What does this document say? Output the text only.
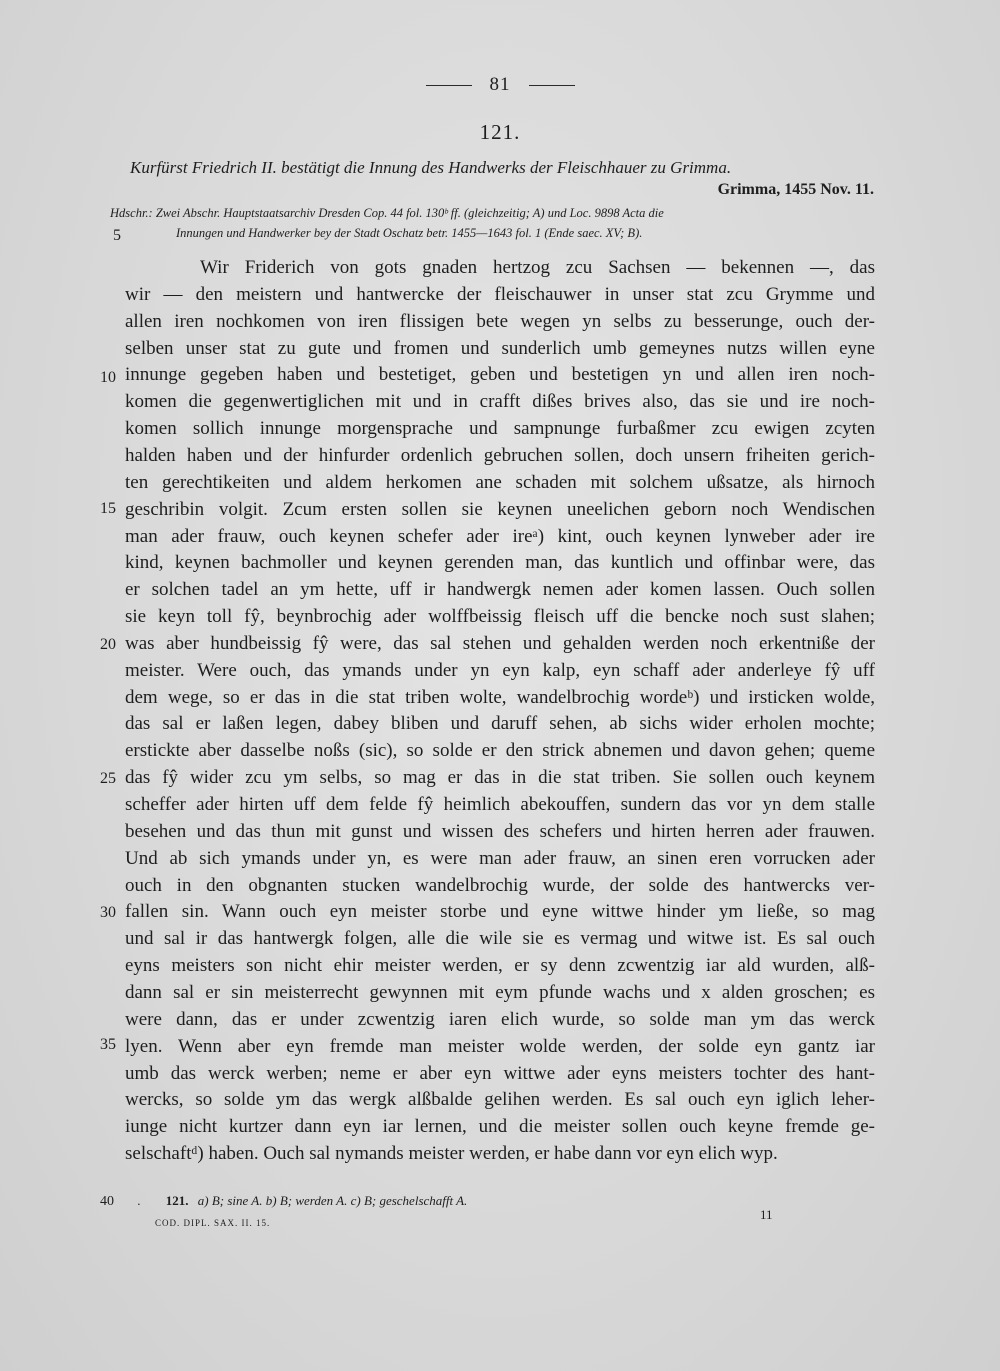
81
121.
Kurfürst Friedrich II. bestätigt die Innung des Handwerks der Fleischhauer zu Grimma.
Grimma, 1455 Nov. 11.
Hdschr.: Zwei Abschr. Hauptstaatsarchiv Dresden Cop. 44 fol. 130ᵇ ff. (gleichzeitig; A) und Loc. 9898 Acta die
Innungen und Handwerker bey der Stadt Oschatz betr. 1455—1643 fol. 1 (Ende saec. XV; B).
5
Wir Friderich von gots gnaden hertzog zcu Sachsen — bekennen —, das
wir — den meistern und hantwercke der fleischauwer in unser stat zcu Grymme und
allen iren nochkomen von iren flissigen bete wegen yn selbs zu besserunge, ouch der-
selben unser stat zu gute und fromen und sunderlich umb gemeynes nutzs willen eyne
innunge gegeben haben und bestetiget, geben und bestetigen yn und allen iren noch-
komen die gegenwertiglichen mit und in crafft dißes brives also, das sie und ire noch-
komen sollich innunge morgensprache und sampnunge furbaßmer zcu ewigen zcyten
halden haben und der hinfurder ordenlich gebruchen sollen, doch unsern friheiten gerich-
ten gerechtikeiten und aldem herkomen ane schaden mit solchem ußsatze, als hirnoch
geschribin volgit. Zcum ersten sollen sie keynen uneelichen geborn noch Wendischen
man ader frauw, ouch keynen schefer ader ireᵃ) kint, ouch keynen lynweber ader ire
kind, keynen bachmoller und keynen gerenden man, das kuntlich und offinbar were, das
er solchen tadel an ym hette, uff ir handwergk nemen ader komen lassen. Ouch sollen
sie keyn toll fŷ, beynbrochig ader wolffbeissig fleisch uff die bencke noch sust slahen;
was aber hundbeissig fŷ were, das sal stehen und gehalden werden noch erkentniße der
meister. Were ouch, das ymands under yn eyn kalp, eyn schaff ader anderleye fŷ uff
dem wege, so er das in die stat triben wolte, wandelbrochig wordeᵇ) und irsticken wolde,
das sal er laßen legen, dabey bliben und daruff sehen, ab sichs wider erholen mochte;
erstickte aber dasselbe noßs (sic), so solde er den strick abnemen und davon gehen; queme
das fŷ wider zcu ym selbs, so mag er das in die stat triben. Sie sollen ouch keynem
scheffer ader hirten uff dem felde fŷ heimlich abekouffen, sundern das vor yn dem stalle
besehen und das thun mit gunst und wissen des schefers und hirten herren ader frauwen.
Und ab sich ymands under yn, es were man ader frauw, an sinen eren vorrucken ader
ouch in den obgnanten stucken wandelbrochig wurde, der solde des hantwercks ver-
fallen sin. Wann ouch eyn meister storbe und eyne wittwe hinder ym ließe, so mag
und sal ir das hantwergk folgen, alle die wile sie es vermag und witwe ist. Es sal ouch
eyns meisters son nicht ehir meister werden, er sy denn zcwentzig iar ald wurden, alß-
dann sal er sin meisterrecht gewynnen mit eym pfunde wachs und x alden groschen; es
were dann, das er under zcwentzig iaren elich wurde, so solde man ym das werck
lyen. Wenn aber eyn fremde man meister wolde werden, der solde eyn gantz iar
umb das werck werben; neme er aber eyn wittwe ader eyns meisters tochter des hant-
wercks, so solde ym das wergk alßbalde gelihen werden. Es sal ouch eyn iglich leher-
iunge nicht kurtzer dann eyn iar lernen, und die meister sollen ouch keyne fremde ge-
selschaftᵈ) haben. Ouch sal nymands meister werden, er habe dann vor eyn elich wyp.
10
15
20
25
30
35
40 . 121. a) B; sine A. b) B; werden A. c) B; geschelschafft A.
COD. DIPL. SAX. II. 15.
11
